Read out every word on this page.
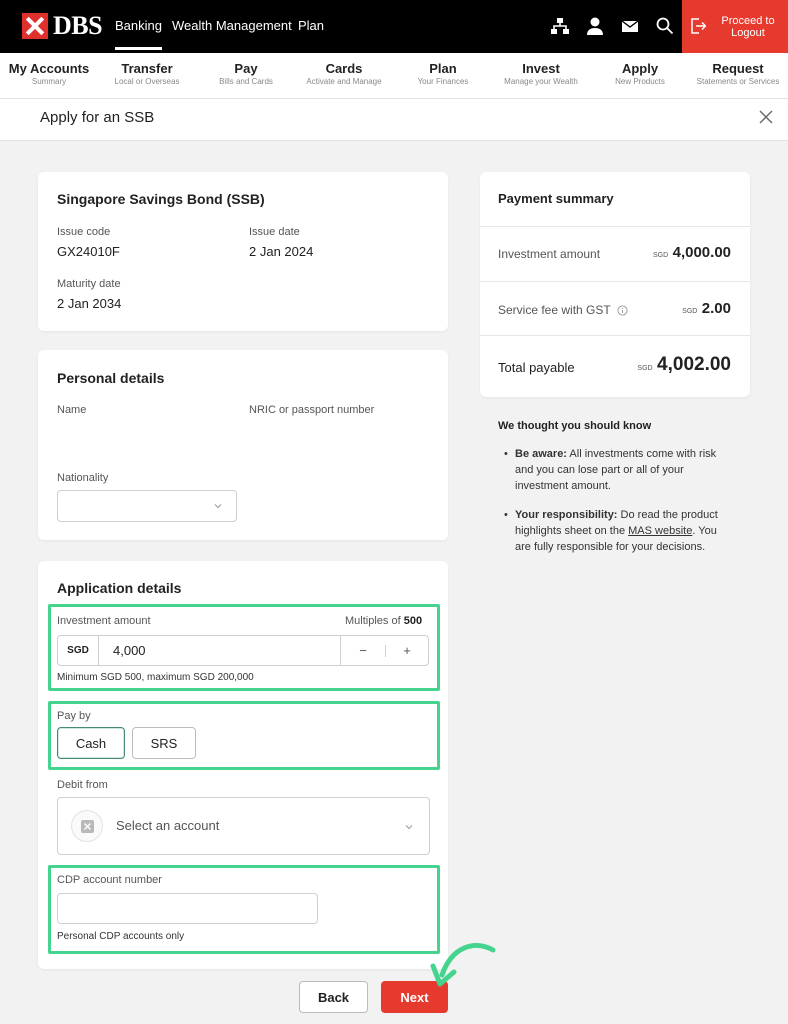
DBS Banking Wealth Management Plan	Proceed to Logout
My Accounts
Summary
Transfer
Local or Overseas
Pay
Bills and Cards
Cards
Activate and Manage
Plan
Your Finances
Invest
Manage your Wealth
Apply
New Products
Request
Statements or Services
Apply for an SSB
Singapore Savings Bond (SSB)
Issue code
GX24010F
Issue date
2 Jan 2024
Maturity date
2 Jan 2034
Personal details
Name	NRIC or passport number
Nationality
Application details
Investment amount	Multiples of 500
SGD	4,000	−	+
Minimum SGD 500, maximum SGD 200,000
Pay by
Cash	SRS
Debit from
Select an account
CDP account number
Personal CDP accounts only
Payment summary
Investment amount	SGD 4,000.00
Service fee with GST	SGD 2.00
Total payable	SGD 4,002.00
We thought you should know
• Be aware: All investments come with risk and you can lose part or all of your investment amount.
• Your responsibility: Do read the product highlights sheet on the MAS website. You are fully responsible for your decisions.
Back	Next
